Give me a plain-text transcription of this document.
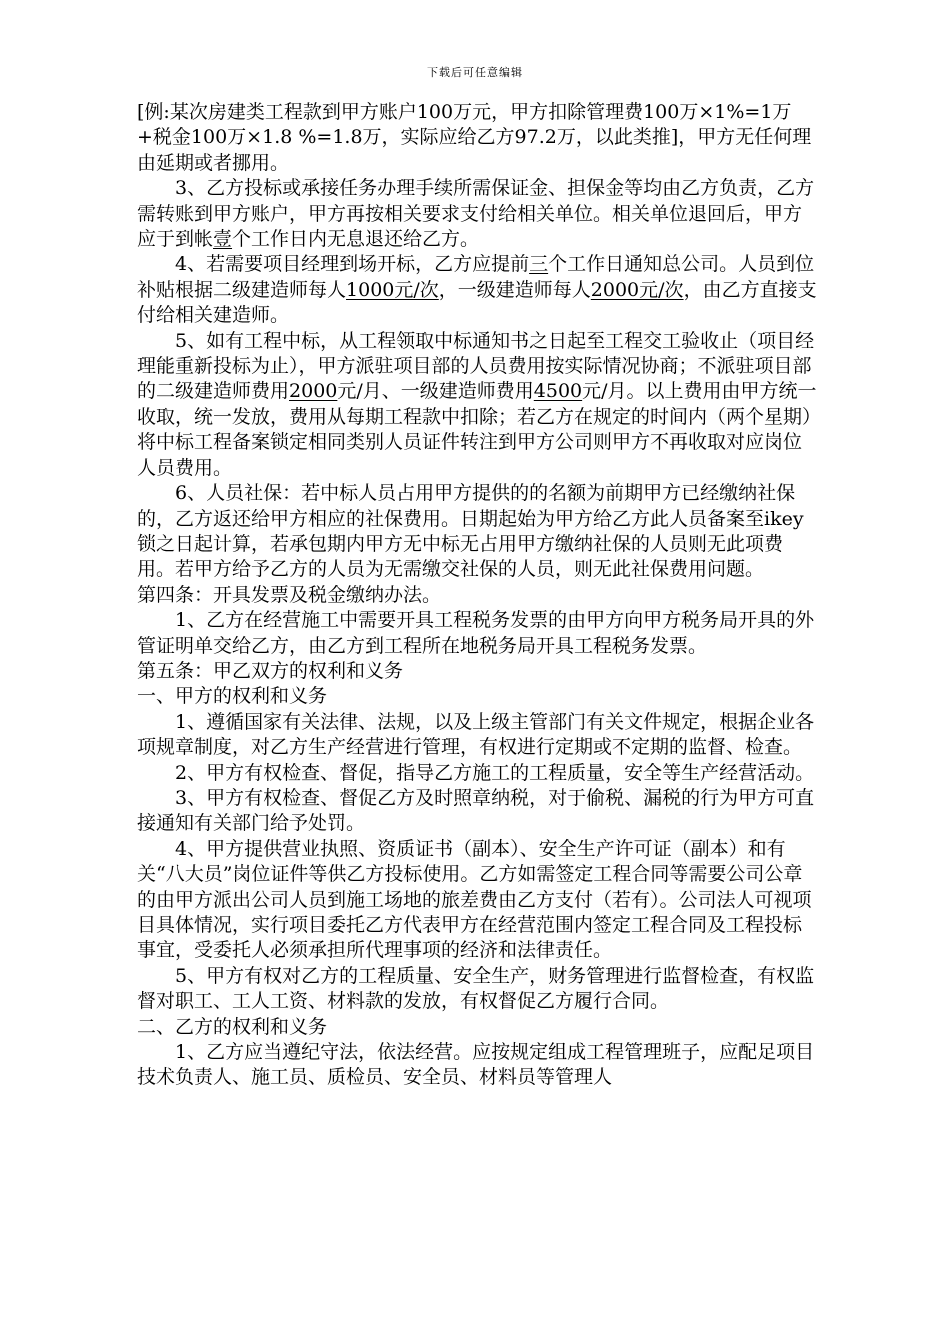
下载后可任意编辑

[例:某次房建类工程款到甲方账户100万元，甲方扣除管理费100万×1%=1万+税金100万×1.8 %=1.8万，实际应给乙方97.2万，以此类推]，甲方无任何理由延期或者挪用。

3、乙方投标或承接任务办理手续所需保证金、担保金等均由乙方负责，乙方需转账到甲方账户，甲方再按相关要求支付给相关单位。相关单位退回后，甲方应于到帐壹个工作日内无息退还给乙方。

4、若需要项目经理到场开标，乙方应提前三个工作日通知总公司。人员到位补贴根据二级建造师每人1000元/次，一级建造师每人2000元/次，由乙方直接支付给相关建造师。

5、如有工程中标，从工程领取中标通知书之日起至工程交工验收止（项目经理能重新投标为止），甲方派驻项目部的人员费用按实际情况协商；不派驻项目部的二级建造师费用2000元/月、一级建造师费用4500元/月。以上费用由甲方统一收取，统一发放，费用从每期工程款中扣除；若乙方在规定的时间内（两个星期）将中标工程备案锁定相同类别人员证件转注到甲方公司则甲方不再收取对应岗位人员费用。

6、人员社保：若中标人员占用甲方提供的的名额为前期甲方已经缴纳社保的，乙方返还给甲方相应的社保费用。日期起始为甲方给乙方此人员备案至ikey锁之日起计算，若承包期内甲方无中标无占用甲方缴纳社保的人员则无此项费用。若甲方给予乙方的人员为无需缴交社保的人员，则无此社保费用问题。

第四条：开具发票及税金缴纳办法。

1、乙方在经营施工中需要开具工程税务发票的由甲方向甲方税务局开具的外管证明单交给乙方，由乙方到工程所在地税务局开具工程税务发票。

第五条：甲乙双方的权利和义务

一、甲方的权利和义务

1、遵循国家有关法律、法规，以及上级主管部门有关文件规定，根据企业各项规章制度，对乙方生产经营进行管理，有权进行定期或不定期的监督、检查。

2、甲方有权检查、督促，指导乙方施工的工程质量，安全等生产经营活动。

3、甲方有权检查、督促乙方及时照章纳税，对于偷税、漏税的行为甲方可直接通知有关部门给予处罚。

4、甲方提供营业执照、资质证书（副本）、安全生产许可证（副本）和有关“八大员”岗位证件等供乙方投标使用。乙方如需签定工程合同等需要公司公章的由甲方派出公司人员到施工场地的旅差费由乙方支付（若有）。公司法人可视项目具体情况，实行项目委托乙方代表甲方在经营范围内签定工程合同及工程投标事宜，受委托人必须承担所代理事项的经济和法律责任。

5、甲方有权对乙方的工程质量、安全生产，财务管理进行监督检查，有权监督对职工、工人工资、材料款的发放，有权督促乙方履行合同。

二、乙方的权利和义务

1、乙方应当遵纪守法，依法经营。应按规定组成工程管理班子，应配足项目技术负责人、施工员、质检员、安全员、材料员等管理人
